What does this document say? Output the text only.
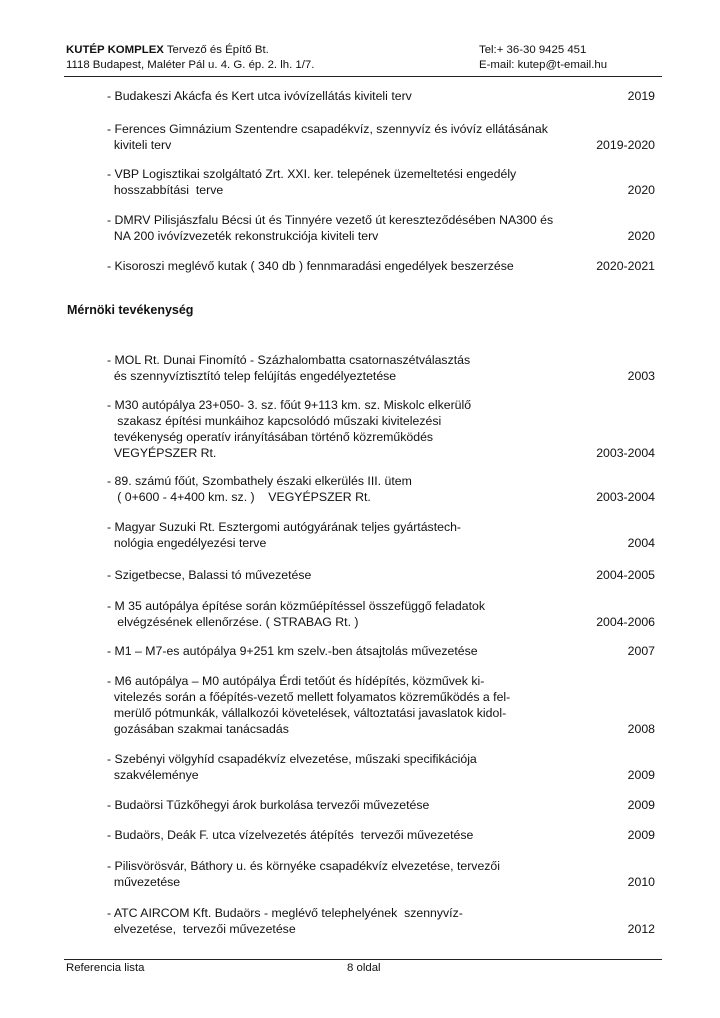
KUTÉP KOMPLEX Tervező és Építő Bt.
1118 Budapest, Maléter Pál u. 4. G. ép. 2. lh. 1/7.
Tel:+ 36-30 9425 451
E-mail: kutep@t-email.hu
- Budakeszi Akácfa és Kert utca ivóvízellátás kiviteli terv	2019
- Ferences Gimnázium Szentendre csapadékvíz, szennyvíz és ivóvíz ellátásának
kiviteli terv	2019-2020
- VBP Logisztikai szolgáltató Zrt. XXI. ker. telepének üzemeltetési engedély
hosszabbítási  terve	2020
- DMRV Pilisjászfalu Bécsi út és Tinnyére vezető út kereszteződésében NA300 és
NA 200 ivóvízvezeték rekonstrukciója kiviteli terv	2020
- Kisoroszi meglévő kutak ( 340 db ) fennmaradási engedélyek beszerzése	2020-2021
Mérnöki tevékenység
- MOL Rt. Dunai Finomító - Százhalombatta csatornaszétválasztás
és szennyvíztisztító telep felújítás engedélyeztetése	2003
- M30 autópálya 23+050- 3. sz. főút 9+113 km. sz. Miskolc elkerülő
szakasz építési munkáihoz kapcsolódó műszaki kivitelezési
tevékenység operatív irányításában történő közreműködés
VEGYÉPSZER Rt.	2003-2004
- 89. számú főút, Szombathely északi elkerülés III. ütem
( 0+600 - 4+400 km. sz. )    VEGYÉPSZER Rt.	2003-2004
- Magyar Suzuki Rt. Esztergomi autógyárának teljes gyártástech-
nológia engedélyezési terve	2004
- Szigetbecse, Balassi tó művezetése	2004-2005
- M 35 autópálya építése során közműépítéssel összefüggő feladatok
elvégzésének ellenőrzése. ( STRABAG Rt. )	2004-2006
- M1 – M7-es autópálya 9+251 km szelv.-ben átsajtolás művezetése	2007
- M6 autópálya – M0 autópálya Érdi tetőút és hídépítés, közművek ki-
vitelezés során a főépítés-vezető mellett folyamatos közreműködés a fel-
merülő pótmunkák, vállalkozói követelések, változtatási javaslatok kidol-
gozásában szakmai tanácsadás	2008
- Szebényi völgyhíd csapadékvíz elvezetése, műszaki specifikációja
szakvéleménye	2009
- Budaörsi Tűzkőhegyi árok burkolása tervezői művezetése	2009
- Budaörs, Deák F. utca vízelvezetés átépítés  tervezői művezetése	2009
- Pilisvörösvár, Báthory u. és környéke csapadékvíz elvezetése, tervezői
művezetése	2010
- ATC AIRCOM Kft. Budaörs - meglévő telephelyének  szennyvíz-
elvezetése,  tervezői művezetése	2012
Referencia lista	8 oldal
